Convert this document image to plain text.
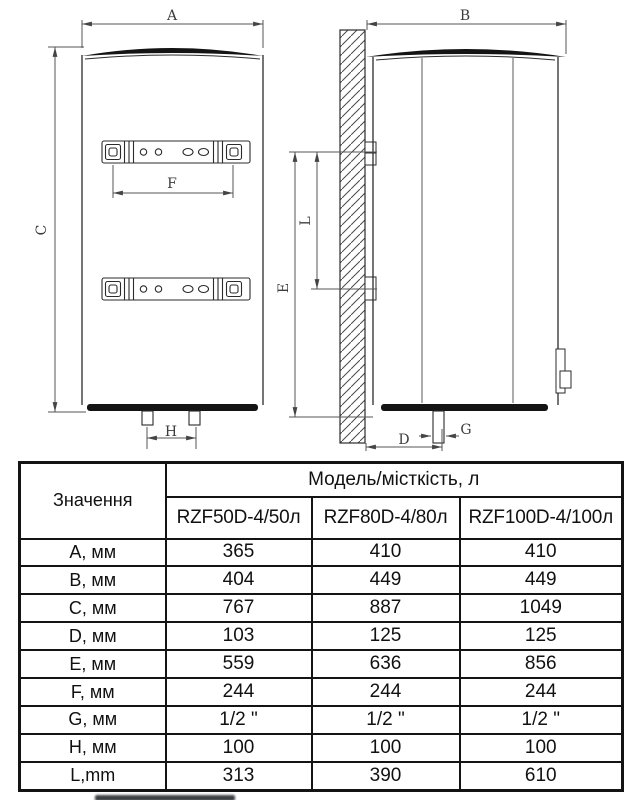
A
C
F
H
B
E
L
D
G
Значення	Модель/місткість, л		
	RZF50D-4/50л	RZF80D-4/80л	RZF100D-4/100л
A, мм	365	410	410
B, мм	404	449	449
C, мм	767	887	1049
D, мм	103	125	125
E, мм	559	636	856
F, мм	244	244	244
G, мм	1/2 "	1/2 "	1/2 "
H, мм	100	100	100
L,mm	313	390	610
